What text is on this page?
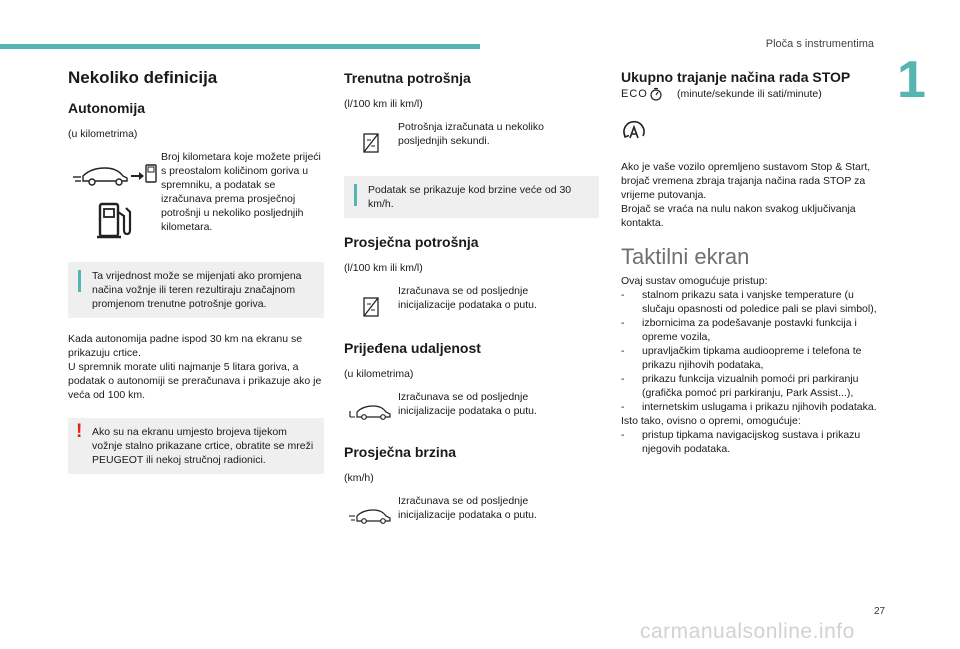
Ploča s instrumentima
1
Nekoliko definicija
Autonomija
(u kilometrima)
Broj kilometara koje možete prijeći s preostalom količinom goriva u spremniku, a podatak se izračunava prema prosječnoj potrošnji u nekoliko posljednjih kilometara.
Ta vrijednost može se mijenjati ako promjena načina vožnje ili teren rezultiraju značajnom promjenom trenutne potrošnje goriva.
Kada autonomija padne ispod 30 km na ekranu se prikazuju crtice.
U spremnik morate uliti najmanje 5 litara goriva, a podatak o autonomiji se preračunava i prikazuje ako je veća od 100 km.
! Ako su na ekranu umjesto brojeva tijekom vožnje stalno prikazane crtice, obratite se mreži PEUGEOT ili nekoj stručnoj radionici.
Trenutna potrošnja
(l/100 km ili km/l)
Potrošnja izračunata u nekoliko posljednjih sekundi.
Podatak se prikazuje kod brzine veće od 30 km/h.
Prosječna potrošnja
(l/100 km ili km/l)
Izračunava se od posljednje inicijalizacije podataka o putu.
Prijeđena udaljenost
(u kilometrima)
Izračunava se od posljednje inicijalizacije podataka o putu.
Prosječna brzina
(km/h)
Izračunava se od posljednje inicijalizacije podataka o putu.
Ukupno trajanje načina rada STOP
ECO	(minute/sekunde ili sati/minute)
Ako je vaše vozilo opremljeno sustavom Stop & Start, brojač vremena zbraja trajanja načina rada STOP za vrijeme putovanja.
Brojač se vraća na nulu nakon svakog uključivanja kontakta.
Taktilni ekran
Ovaj sustav omogućuje pristup:
- stalnom prikazu sata i vanjske temperature (u slučaju opasnosti od poledice pali se plavi simbol),
- izbornicima za podešavanje postavki funkcija i opreme vozila,
- upravljačkim tipkama audioopreme i telefona te prikazu njihovih podataka,
- prikazu funkcija vizualnih pomoći pri parkiranju (grafička pomoć pri parkiranju, Park Assist...),
- internetskim uslugama i prikazu njihovih podataka.
Isto tako, ovisno o opremi, omogućuje:
- pristup tipkama navigacijskog sustava i prikazu njegovih podataka.
27
carmanualsonline.info
